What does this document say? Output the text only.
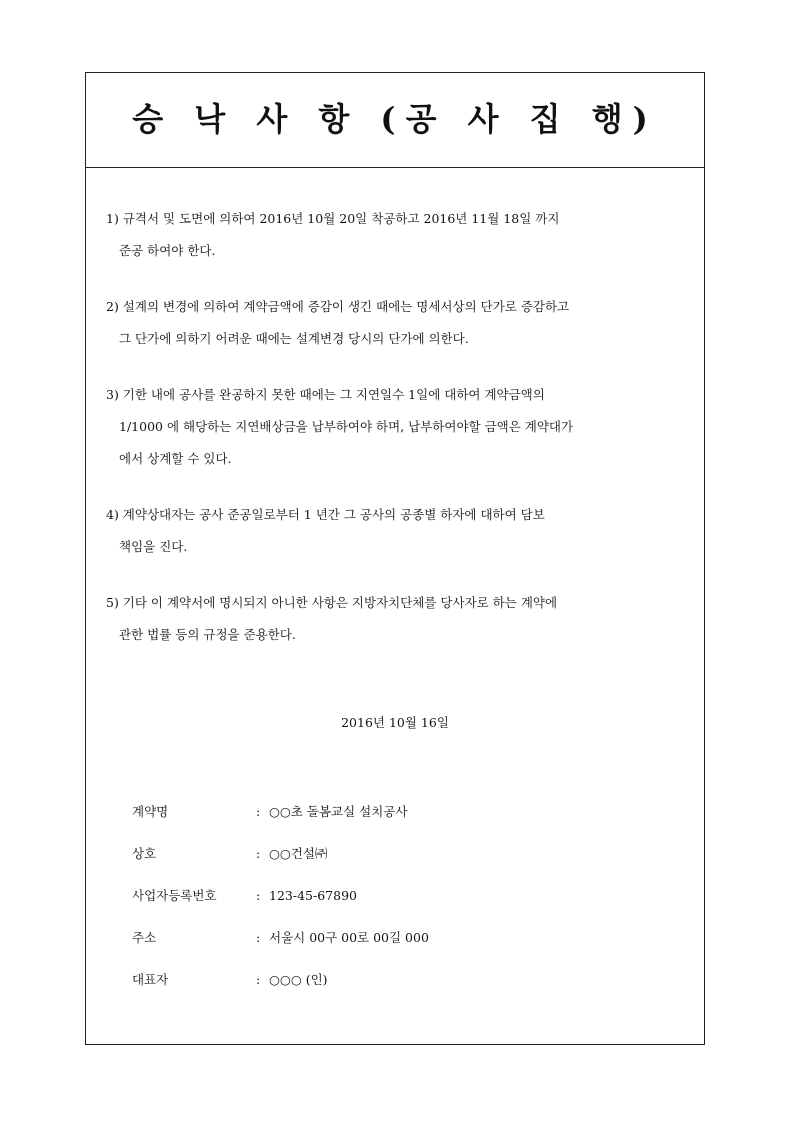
승 낙 사 항 (공 사 집 행)

1) 규격서 및 도면에 의하여 2016년 10월 20일 착공하고 2016년 11월 18일 까지
준공 하여야 한다.

2) 설계의 변경에 의하여 계약금액에 증감이 생긴 때에는 명세서상의 단가로 증감하고
그 단가에 의하기 어려운 때에는 설계변경 당시의 단가에 의한다.

3) 기한 내에 공사를 완공하지 못한 때에는 그 지연일수 1일에 대하여 계약금액의
1/1000 에 해당하는 지연배상금을 납부하여야 하며, 납부하여야할 금액은 계약대가
에서 상계할 수 있다.

4) 계약상대자는 공사 준공일로부터 1 년간 그 공사의 공종별 하자에 대하여 담보
책임을 진다.

5) 기타 이 계약서에 명시되지 아니한 사항은 지방자치단체를 당사자로 하는 계약에
관한 법률 등의 규정을 준용한다.

2016년 10월 16일
계약명	: ○○초 돌봄교실 설치공사
상호	: ○○건설㈜
사업자등록번호	: 123-45-67890
주소	: 서울시 00구 00로 00길 000
대표자	: ○○○ (인)
